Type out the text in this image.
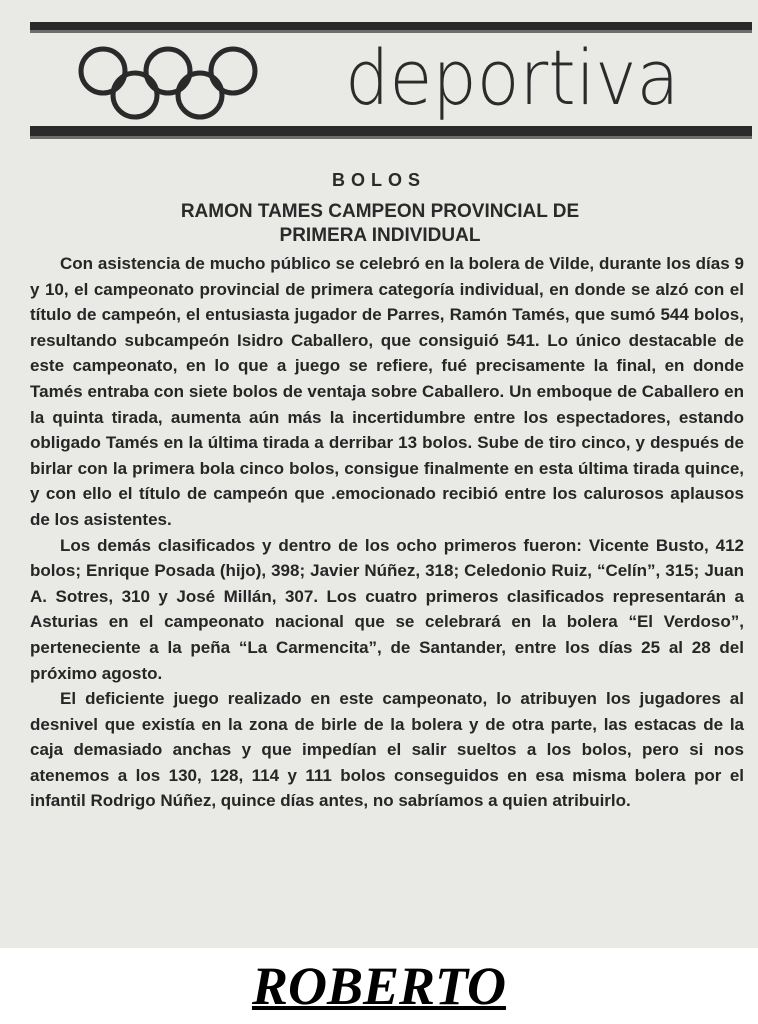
deportiva
BOLOS
RAMON TAMES CAMPEON PROVINCIAL DE
PRIMERA INDIVIDUAL

Con asistencia de mucho público se celebró en la bolera de Vilde, durante los días 9 y 10, el campeonato provincial de primera categoría individual, en donde se alzó con el título de campeón, el entusiasta jugador de Parres, Ramón Tamés, que sumó 544 bolos, resultando subcampeón Isidro Caballero, que consiguió 541. Lo único destacable de este campeonato, en lo que a juego se refiere, fué precisamente la final, en donde Tamés entraba con siete bolos de ventaja sobre Caballero. Un emboque de Caballero en la quinta tirada, aumenta aún más la incertidumbre entre los espectadores, estando obligado Tamés en la última tirada a derribar 13 bolos. Sube de tiro cinco, y después de birlar con la primera bola cinco bolos, consigue finalmente en esta última tirada quince, y con ello el título de campeón que .emocionado recibió entre los calurosos aplausos de los asistentes.

Los demás clasificados y dentro de los ocho primeros fueron: Vicente Busto, 412 bolos; Enrique Posada (hijo), 398; Javier Núñez, 318; Celedonio Ruiz, “Celín”, 315; Juan A. Sotres, 310 y José Millán, 307. Los cuatro primeros clasificados representarán a Asturias en el campeonato nacional que se celebrará en la bolera “El Verdoso”, perteneciente a la peña “La Carmencita”, de Santander, entre los días 25 al 28 del próximo agosto.

El deficiente juego realizado en este campeonato, lo atribuyen los jugadores al desnivel que existía en la zona de birle de la bolera y de otra parte, las estacas de la caja demasiado anchas y que impedían el salir sueltos a los bolos, pero si nos atenemos a los 130, 128, 114 y 111 bolos conseguidos en esa misma bolera por el infantil Rodrigo Núñez, quince días antes, no sabríamos a quien atribuirlo.

ROBERTO
